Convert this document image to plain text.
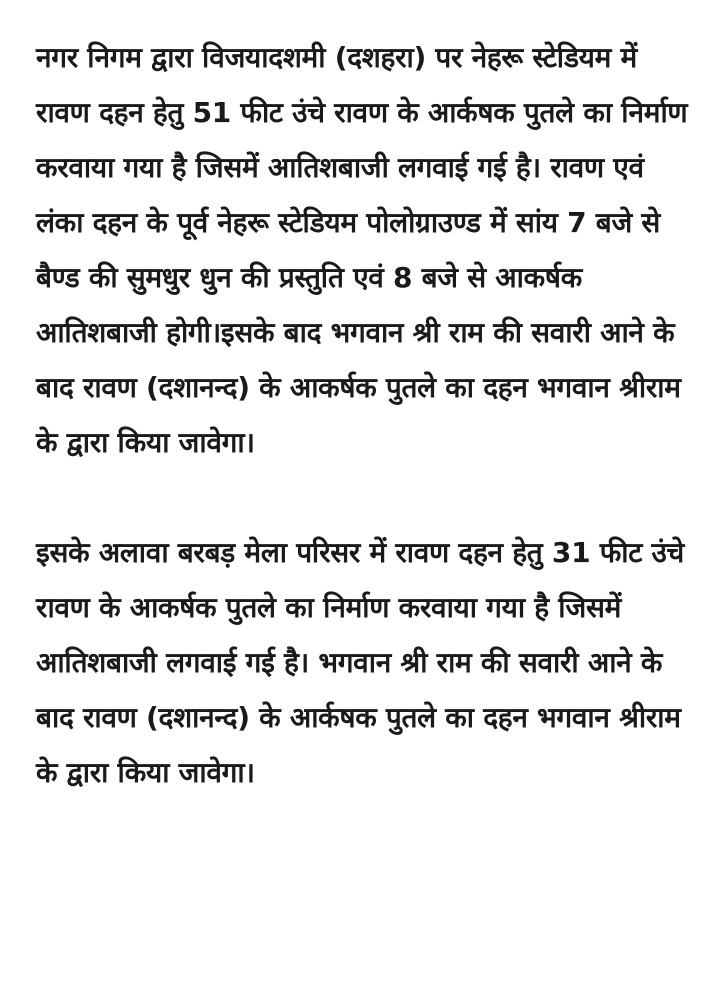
नगर निगम द्वारा विजयादशमी (दशहरा) पर नेहरू स्टेडियम में रावण दहन हेतु 51 फीट उंचे रावण के आर्कषक पुतले का निर्माण करवाया गया है जिसमें आतिशबाजी लगवाई गई है। रावण एवं लंका दहन के पूर्व नेहरू स्टेडियम पोलोग्राउण्ड में सांय 7 बजे से बैण्ड की सुमधुर धुन की प्रस्तुति एवं 8 बजे से आकर्षक आतिशबाजी होगी।इसके बाद भगवान श्री राम की सवारी आने के बाद रावण (दशानन्द) के आकर्षक पुतले का दहन भगवान श्रीराम के द्वारा किया जावेगा।

इसके अलावा बरबड़ मेला परिसर में रावण दहन हेतु 31 फीट उंचे रावण के आकर्षक पुतले का निर्माण करवाया गया है जिसमें आतिशबाजी लगवाई गई है। भगवान श्री राम की सवारी आने के बाद रावण (दशानन्द) के आर्कषक पुतले का दहन भगवान श्रीराम के द्वारा किया जावेगा।
